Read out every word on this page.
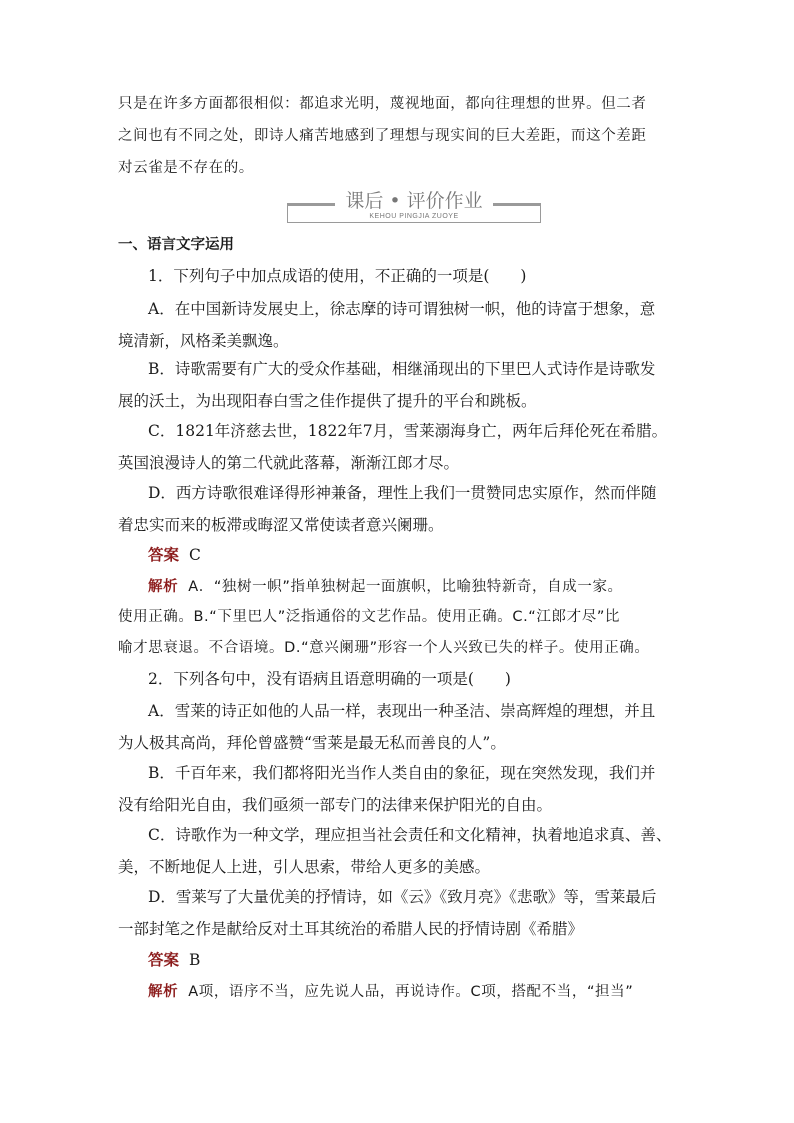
只是在许多方面都很相似：都追求光明，蔑视地面，都向往理想的世界。但二者
之间也有不同之处，即诗人痛苦地感到了理想与现实间的巨大差距，而这个差距
对云雀是不存在的。
课后 • 评价作业
KEHOU PINGJIA ZUOYE
一、语言文字运用
1．下列句子中加点成语的使用，不正确的一项是(　　)
A．在中国新诗发展史上，徐志摩的诗可谓独树一帜，他的诗富于想象，意
境清新，风格柔美飘逸。
B．诗歌需要有广大的受众作基础，相继涌现出的下里巴人式诗作是诗歌发
展的沃土，为出现阳春白雪之佳作提供了提升的平台和跳板。
C．1821年济慈去世，1822年7月，雪莱溺海身亡，两年后拜伦死在希腊。
英国浪漫诗人的第二代就此落幕，渐渐江郎才尽。
D．西方诗歌很难译得形神兼备，理性上我们一贯赞同忠实原作，然而伴随
着忠实而来的板滞或晦涩又常使读者意兴阑珊。
答案 C
解析 A．“独树一帜”指单独树起一面旗帜，比喻独特新奇，自成一家。
使用正确。B.“下里巴人”泛指通俗的文艺作品。使用正确。C.“江郎才尽”比
喻才思衰退。不合语境。D.“意兴阑珊”形容一个人兴致已失的样子。使用正确。
2．下列各句中，没有语病且语意明确的一项是(　　)
A．雪莱的诗正如他的人品一样，表现出一种圣洁、崇高辉煌的理想，并且
为人极其高尚，拜伦曾盛赞“雪莱是最无私而善良的人”。
B．千百年来，我们都将阳光当作人类自由的象征，现在突然发现，我们并
没有给阳光自由，我们亟须一部专门的法律来保护阳光的自由。
C．诗歌作为一种文学，理应担当社会责任和文化精神，执着地追求真、善、
美，不断地促人上进，引人思索，带给人更多的美感。
D．雪莱写了大量优美的抒情诗，如《云》《致月亮》《悲歌》等，雪莱最后
一部封笔之作是献给反对土耳其统治的希腊人民的抒情诗剧《希腊》
答案 B
解析 A项，语序不当，应先说人品，再说诗作。C项，搭配不当，“担当”
